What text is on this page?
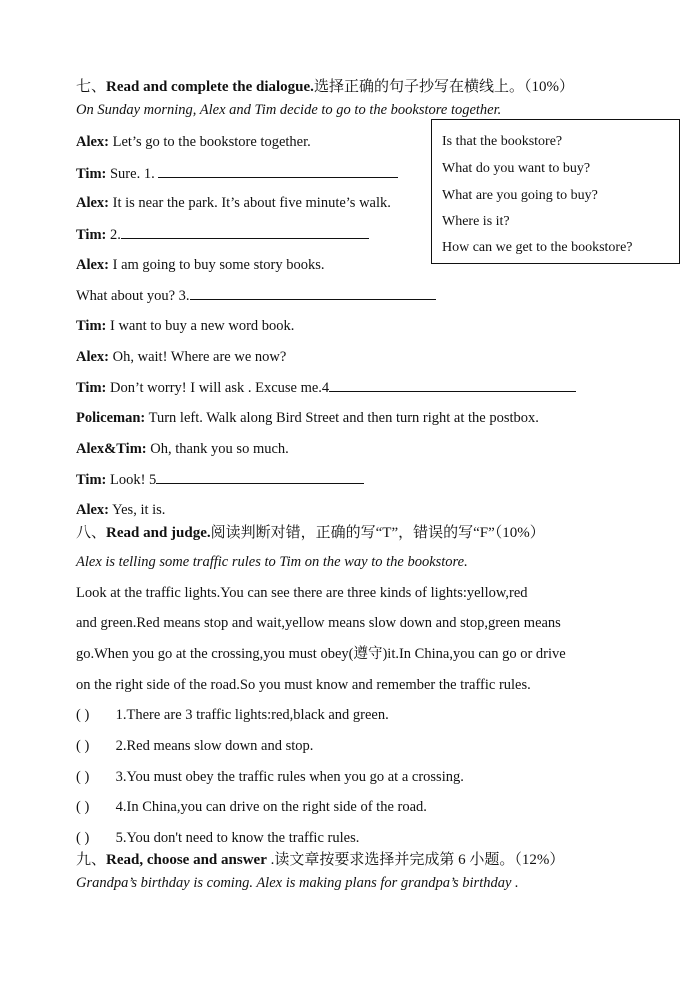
七、Read and complete the dialogue.选择正确的句子抄写在横线上。（10%）
On Sunday morning, Alex and Tim decide to go to the bookstore together.
Is that the bookstore?
What do you want to buy?
What are you going to buy?
Where is it?
How can we get to the bookstore?
Alex: Let’s go to the bookstore together.
Tim: Sure. 1.
Alex: It is near the park. It’s about five minute’s walk.
Tim: 2.
Alex: I am going to buy some story books.
What about you? 3.
Tim: I want to buy a new word book.
Alex: Oh, wait! Where are we now?
Tim: Don’t worry! I will ask . Excuse me.4
Policeman: Turn left. Walk along Bird Street and then turn right at the postbox.
Alex&Tim: Oh, thank you so much.
Tim: Look! 5
Alex: Yes, it is.
八、Read and judge.阅读判断对错，正确的写“T”，错误的写“F”（10%）
Alex is telling some traffic rules to Tim on the way to the bookstore.
Look at the traffic lights.You can see there are three kinds of lights:yellow,red
and green.Red means stop and wait,yellow means slow down and stop,green means
go.When you go at the crossing,you must obey(遵守)it.In China,you can go or drive
on the right side of the road.So you must know and remember the traffic rules.
( ) 1.There are 3 traffic lights:red,black and green.
( ) 2.Red means slow down and stop.
( ) 3.You must obey the traffic rules when you go at a crossing.
( ) 4.In China,you can drive on the right side of the road.
( ) 5.You don't need to know the traffic rules.
九、Read, choose and answer .读文章按要求选择并完成第 6 小题。（12%）
Grandpa’s birthday is coming. Alex is making plans for grandpa’s birthday .
